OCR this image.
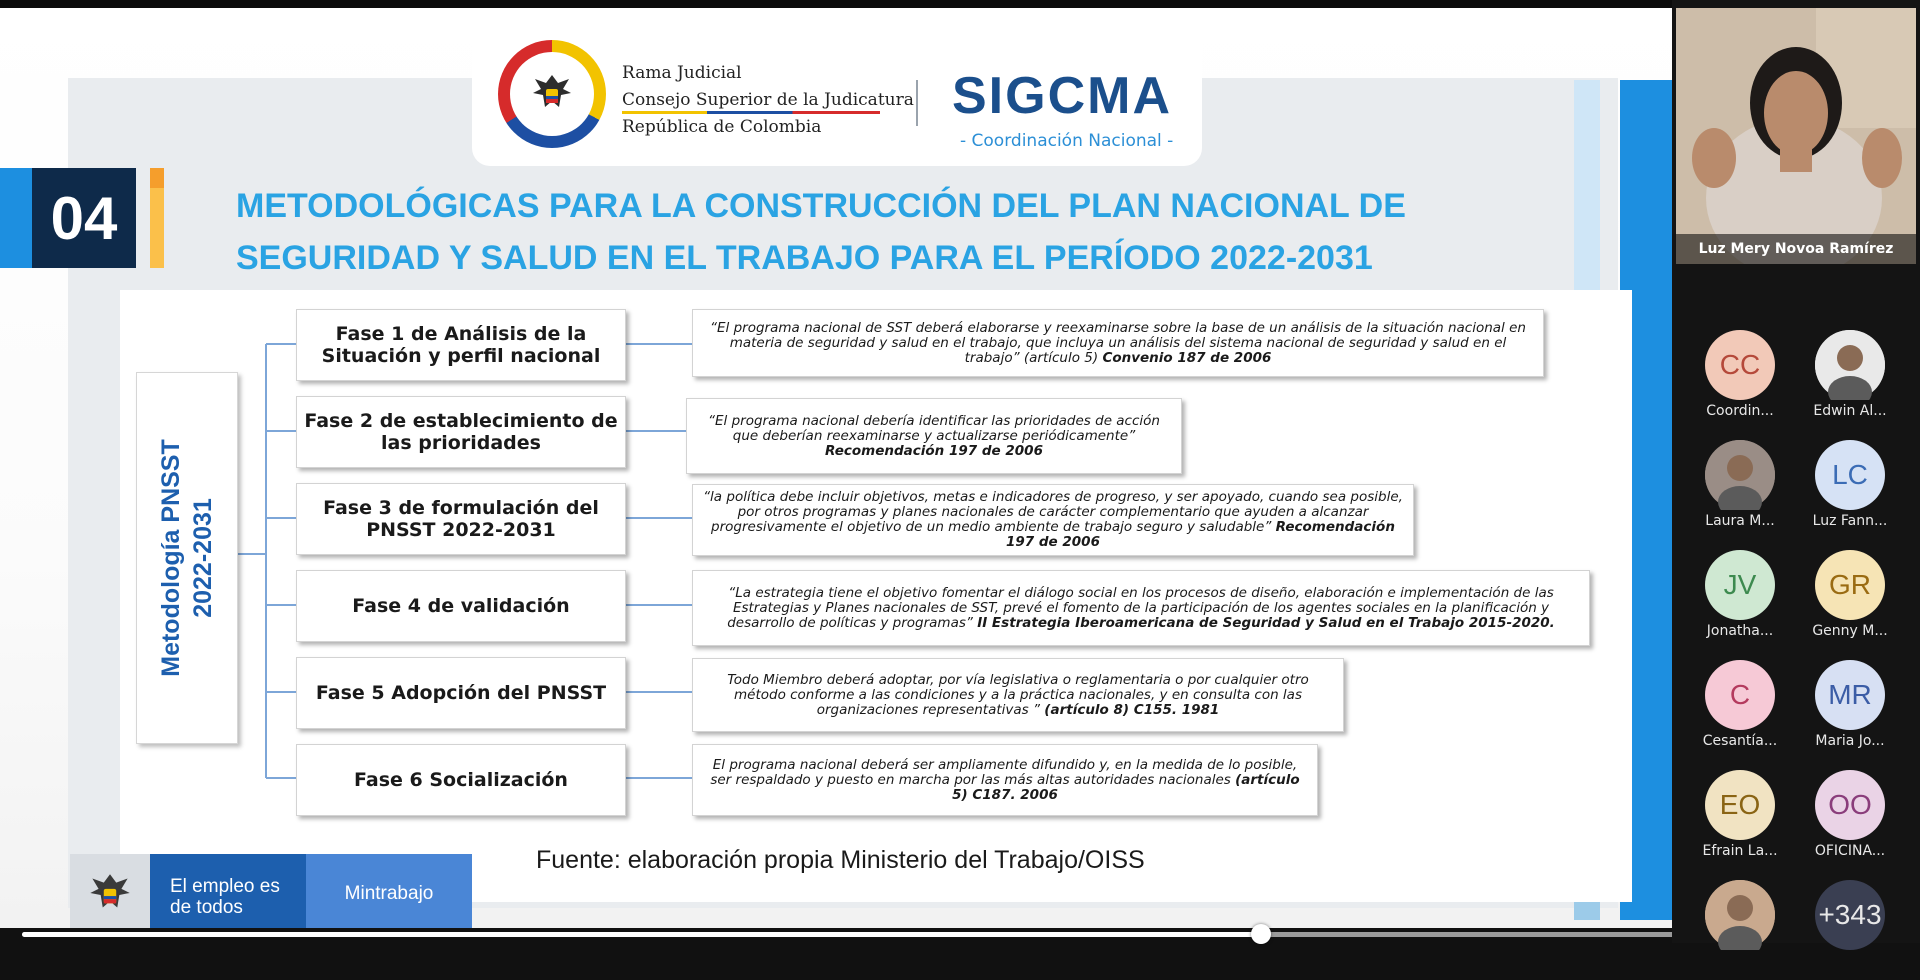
Rama Judicial
Consejo Superior de la Judicatura
República de Colombia
SIGCMA
- Coordinación Nacional -
04	METODOLÓGICAS PARA LA CONSTRUCCIÓN DEL PLAN NACIONAL DE
SEGURIDAD Y SALUD EN EL TRABAJO PARA EL PERÍODO 2022-2031
Metodología PNSST 2022-2031
Fase 1 de Análisis de la Situación y perfil nacional
Fase 2 de establecimiento de las prioridades
Fase 3 de formulación del PNSST 2022-2031
Fase 4 de validación
Fase 5 Adopción del PNSST
Fase 6 Socialización
“El programa nacional de SST deberá elaborarse y reexaminarse sobre la base de un análisis de la situación nacional en materia de seguridad y salud en el trabajo, que incluya un análisis del sistema nacional de seguridad y salud en el trabajo” (artículo 5) Convenio 187 de 2006
“El programa nacional debería identificar las prioridades de acción que deberían reexaminarse y actualizarse periódicamente” Recomendación 197 de 2006
“la política debe incluir objetivos, metas e indicadores de progreso, y ser apoyado, cuando sea posible, por otros programas y planes nacionales de carácter complementario que ayuden a alcanzar progresivamente el objetivo de un medio ambiente de trabajo seguro y saludable” Recomendación 197 de 2006
“La estrategia tiene el objetivo fomentar el diálogo social en los procesos de diseño, elaboración e implementación de las Estrategias y Planes nacionales de SST, prevé el fomento de la participación de los agentes sociales en la planificación y desarrollo de políticas y programas” II Estrategia Iberoamericana de Seguridad y Salud en el Trabajo 2015-2020.
Todo Miembro deberá adoptar, por vía legislativa o reglamentaria o por cualquier otro método conforme a las condiciones y a la práctica nacionales, y en consulta con las organizaciones representativas ” (artículo 8) C155. 1981
El programa nacional deberá ser ampliamente difundido y, en la medida de lo posible, ser respaldado y puesto en marcha por las más altas autoridades nacionales (artículo 5) C187. 2006
Fuente: elaboración propia Ministerio del Trabajo/OISS
El empleo es de todos
Mintrabajo
Luz Mery Novoa Ramírez
CC
Coordin...	Edwin Al...
Laura M...
LC
Luz Fann...
JV
Jonatha...
GR
Genny M...
C
Cesantía...
MR
Maria Jo...
EO
Efrain La...
OO
OFICINA...
+343
